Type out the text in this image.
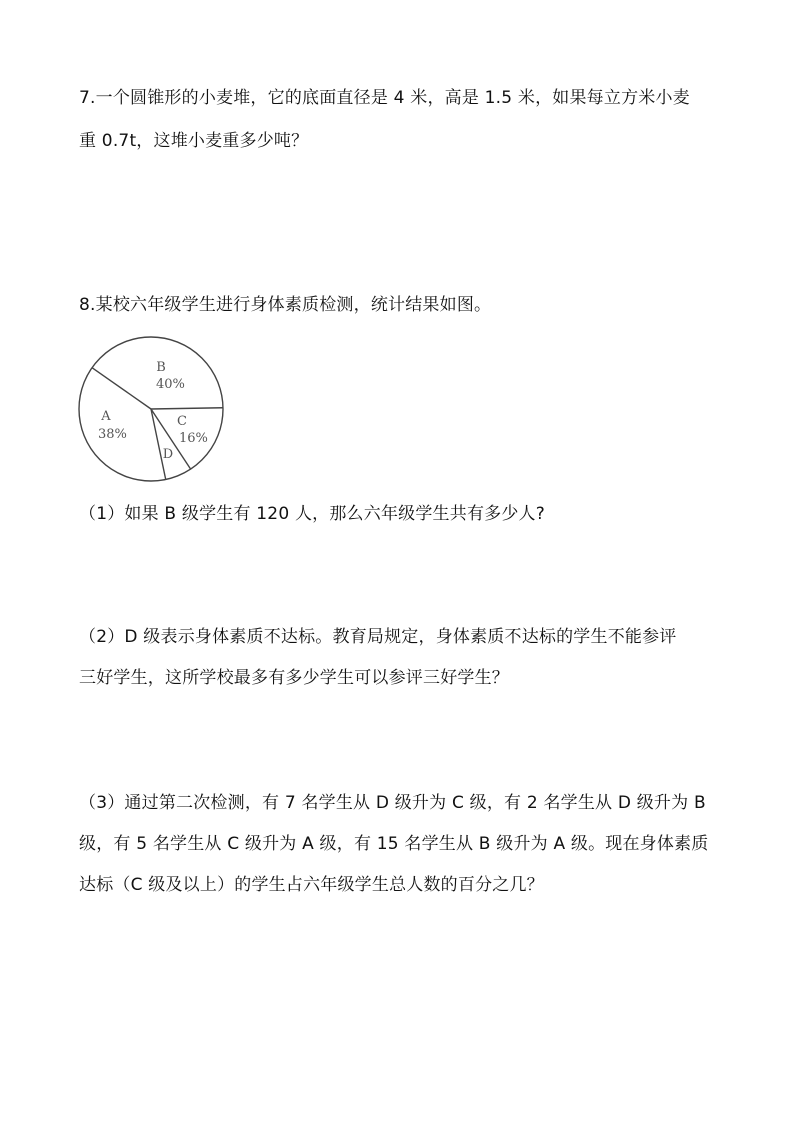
7.一个圆锥形的小麦堆，它的底面直径是 4 米，高是 1.5 米，如果每立方米小麦
重 0.7t，这堆小麦重多少吨？
8.某校六年级学生进行身体素质检测，统计结果如图。
A
38%
B
40%
C
16%
D
（1）如果 B 级学生有 120 人，那么六年级学生共有多少人?
（2）D 级表示身体素质不达标。教育局规定，身体素质不达标的学生不能参评
三好学生，这所学校最多有多少学生可以参评三好学生？
（3）通过第二次检测，有 7 名学生从 D 级升为 C 级，有 2 名学生从 D 级升为 B
级，有 5 名学生从 C 级升为 A 级，有 15 名学生从 B 级升为 A 级。现在身体素质
达标（C 级及以上）的学生占六年级学生总人数的百分之几？
